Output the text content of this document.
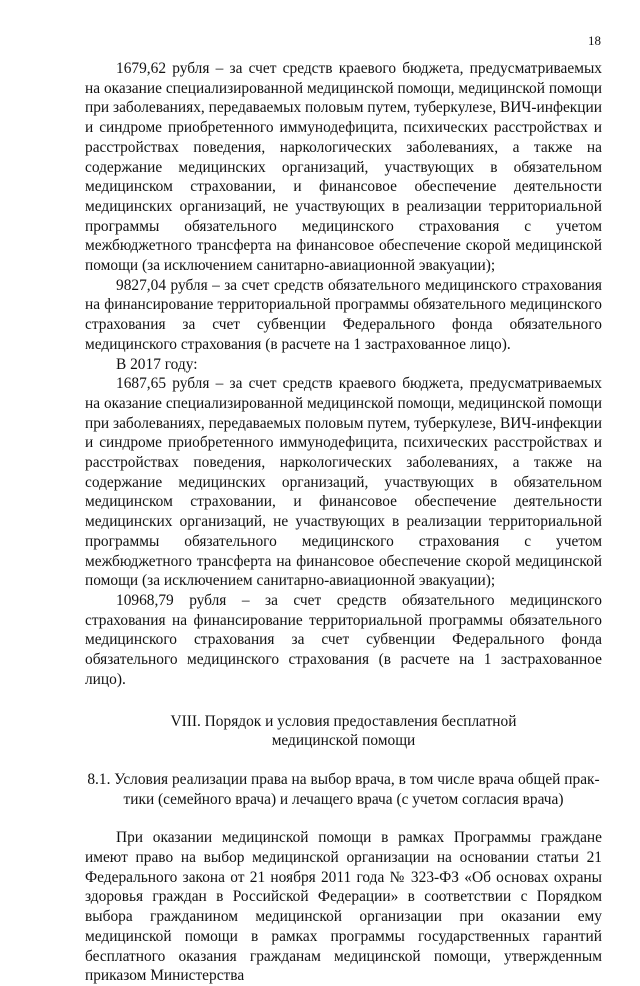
18

1679,62 рубля – за счет средств краевого бюджета, предусматриваемых на оказание специализированной медицинской помощи, медицинской помощи при заболеваниях, передаваемых половым путем, туберкулезе, ВИЧ-инфекции и синдроме приобретенного иммунодефицита, психических расстройствах и расстройствах поведения, наркологических заболеваниях, а также на содержание медицинских организаций, участвующих в обязательном медицинском страховании, и финансовое обеспечение деятельности медицинских организаций, не участвующих в реализации территориальной программы обязательного медицинского страхования с учетом межбюджетного трансферта на финансовое обеспечение скорой медицинской помощи (за исключением санитарно-авиационной эвакуации);

9827,04 рубля – за счет средств обязательного медицинского страхования на финансирование территориальной программы обязательного медицинского страхования за счет субвенции Федерального фонда обязательного медицинского страхования (в расчете на 1 застрахованное лицо).

В 2017 году:

1687,65 рубля – за счет средств краевого бюджета, предусматриваемых на оказание специализированной медицинской помощи, медицинской помощи при заболеваниях, передаваемых половым путем, туберкулезе, ВИЧ-инфекции и синдроме приобретенного иммунодефицита, психических расстройствах и расстройствах поведения, наркологических заболеваниях, а также на содержание медицинских организаций, участвующих в обязательном медицинском страховании, и финансовое обеспечение деятельности медицинских организаций, не участвующих в реализации территориальной программы обязательного медицинского страхования с учетом межбюджетного трансферта на финансовое обеспечение скорой медицинской помощи (за исключением санитарно-авиационной эвакуации);

10968,79 рубля – за счет средств обязательного медицинского страхования на финансирование территориальной программы обязательного медицинского страхования за счет субвенции Федерального фонда обязательного медицинского страхования (в расчете на 1 застрахованное лицо).

VIII. Порядок и условия предоставления бесплатной
медицинской помощи
8.1. Условия реализации права на выбор врача, в том числе врача общей прак-
тики (семейного врача) и лечащего врача (с учетом согласия врача)

При оказании медицинской помощи в рамках Программы граждане имеют право на выбор медицинской организации на основании статьи 21 Федерального закона от 21 ноября 2011 года № 323-ФЗ «Об основах охраны здоровья граждан в Российской Федерации» в соответствии с Порядком выбора гражданином медицинской организации при оказании ему медицинской помощи в рамках программы государственных гарантий бесплатного оказания гражданам медицинской помощи, утвержденным приказом Министерства
